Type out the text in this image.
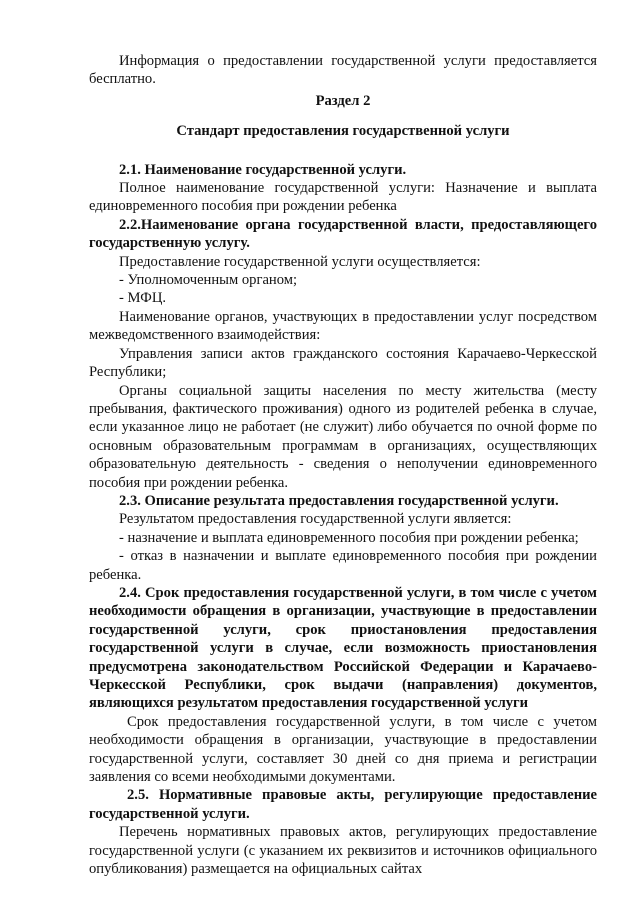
Информация о предоставлении государственной услуги предоставляется бесплатно.

Раздел 2

Стандарт предоставления государственной услуги

2.1. Наименование государственной услуги.

Полное наименование государственной услуги: Назначение и выплата единовременного пособия при рождении ребенка

2.2.Наименование органа государственной власти, предоставляющего государственную услугу.

Предоставление государственной услуги осуществляется:

- Уполномоченным органом;

- МФЦ.

Наименование органов, участвующих в предоставлении услуг посредством межведомственного взаимодействия:

Управления записи актов гражданского состояния Карачаево-Черкесской Республики;

Органы социальной защиты населения по месту жительства (месту пребывания, фактического проживания) одного из родителей ребенка в случае, если указанное лицо не работает (не служит) либо обучается по очной форме по основным образовательным программам в организациях, осуществляющих образовательную деятельность - сведения о неполучении единовременного пособия при рождении ребенка.

2.3. Описание результата предоставления государственной услуги.

Результатом предоставления государственной услуги является:

- назначение и выплата единовременного пособия при рождении ребенка;

- отказ в назначении и выплате единовременного пособия при рождении ребенка.

2.4. Срок предоставления государственной услуги, в том числе с учетом необходимости обращения в организации, участвующие в предоставлении государственной услуги, срок приостановления предоставления государственной услуги в случае, если возможность приостановления предусмотрена законодательством Российской Федерации и Карачаево-Черкесской Республики, срок выдачи (направления) документов, являющихся результатом предоставления государственной услуги

Срок предоставления государственной услуги, в том числе с учетом необходимости обращения в организации, участвующие в предоставлении государственной услуги, составляет 30 дней со дня приема и регистрации заявления со всеми необходимыми документами.

2.5. Нормативные правовые акты, регулирующие предоставление государственной услуги.

Перечень нормативных правовых актов, регулирующих предоставление государственной услуги (с указанием их реквизитов и источников официального опубликования) размещается на официальных сайтах
